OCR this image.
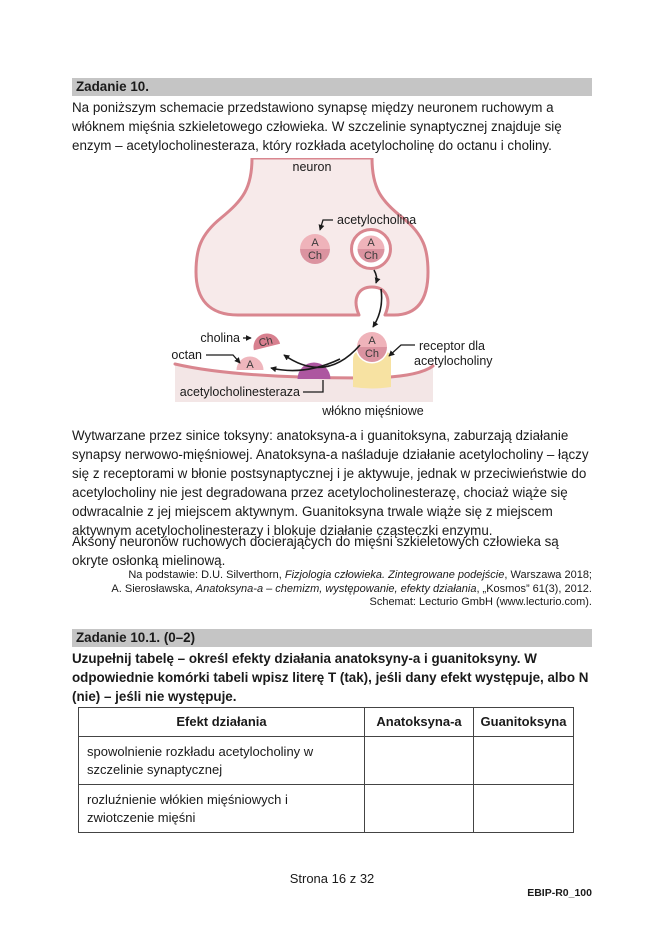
Zadanie 10.
Na poniższym schemacie przedstawiono synapsę między neuronem ruchowym a włóknem mięśnia szkieletowego człowieka. W szczelinie synaptycznej znajduje się enzym – acetylocholinesteraza, który rozkłada acetylocholinę do octanu i choliny.
A
Ch
A
Ch
A
Ch
Ch
A
neuron
acetylocholina
cholina
octan
acetylocholinesteraza
receptor dla
acetylocholiny
włókno mięśniowe
Wytwarzane przez sinice toksyny: anatoksyna-a i guanitoksyna, zaburzają działanie synapsy nerwowo-mięśniowej. Anatoksyna-a naśladuje działanie acetylocholiny – łączy się z receptorami w błonie postsynaptycznej i je aktywuje, jednak w przeciwieństwie do acetylocholiny nie jest degradowana przez acetylocholinesterazę, chociaż wiąże się odwracalnie z jej miejscem aktywnym. Guanitoksyna trwale wiąże się z miejscem aktywnym acetylocholinesterazy i blokuje działanie cząsteczki enzymu.
Aksony neuronów ruchowych docierających do mięśni szkieletowych człowieka są okryte osłonką mielinową.
Na podstawie: D.U. Silverthorn, Fizjologia człowieka. Zintegrowane podejście, Warszawa 2018;
A. Sierosławska, Anatoksyna-a – chemizm, występowanie, efekty działania, „Kosmos” 61(3), 2012.
Schemat: Lecturio GmbH (www.lecturio.com).
Zadanie 10.1. (0–2)
Uzupełnij tabelę – określ efekty działania anatoksyny-a i guanitoksyny. W odpowiednie komórki tabeli wpisz literę T (tak), jeśli dany efekt występuje, albo N (nie) – jeśli nie występuje.
Efekt działania	Anatoksyna-a	Guanitoksyna
spowolnienie rozkładu acetylocholiny w szczelinie synaptycznej		
rozluźnienie włókien mięśniowych i zwiotczenie mięśni		
Strona 16 z 32
EBIP-R0_100
